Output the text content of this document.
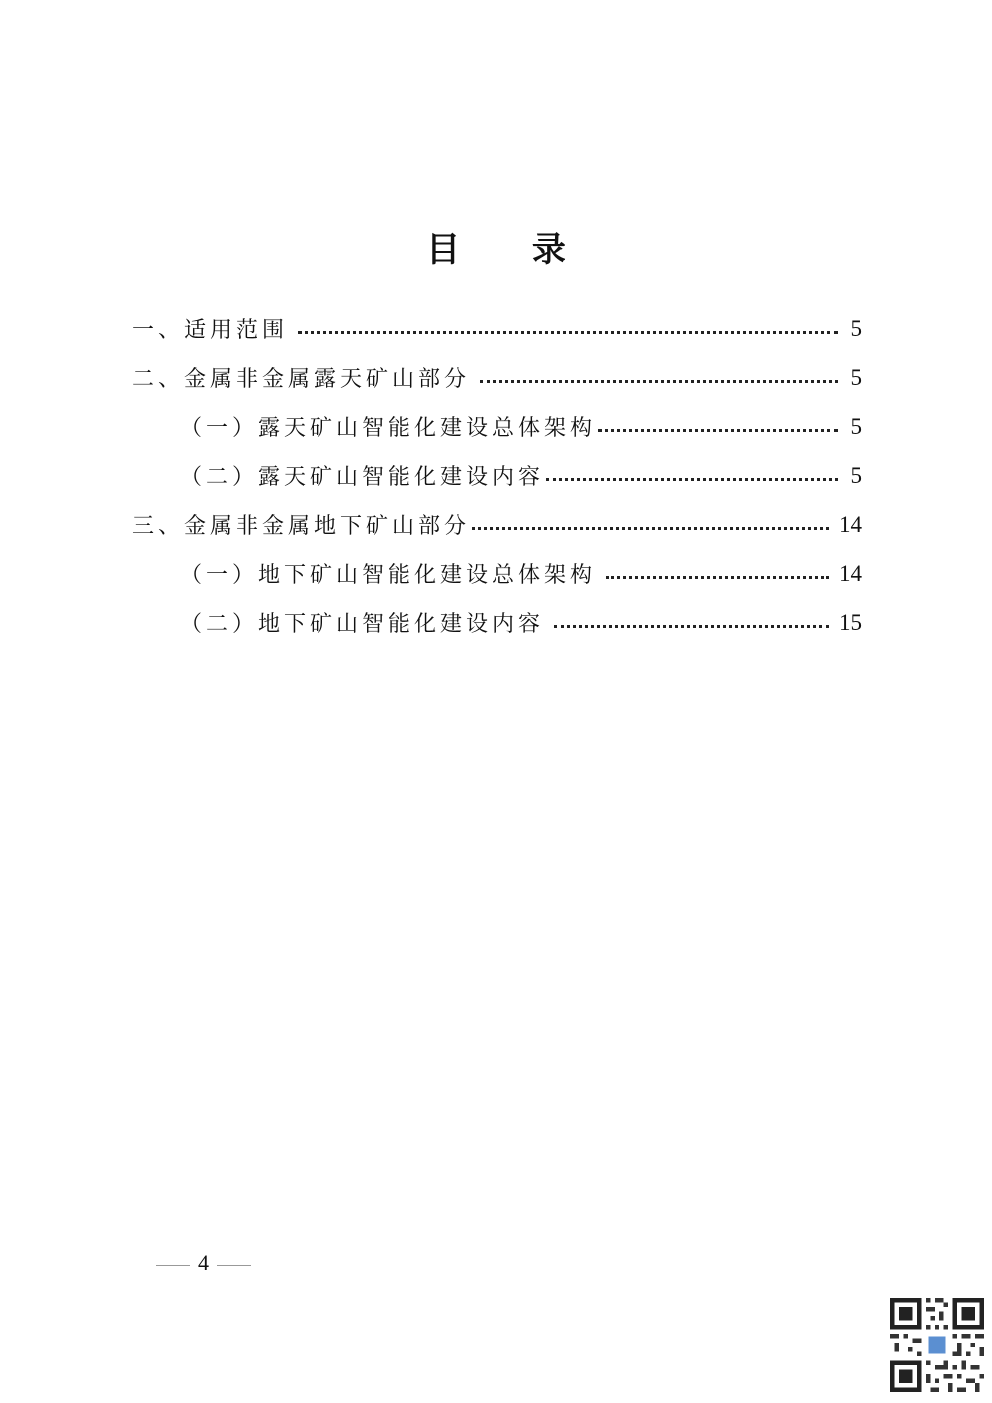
目 录
一、适用范围	5
二、金属非金属露天矿山部分	5
（一）露天矿山智能化建设总体架构	5
（二）露天矿山智能化建设内容	5
三、金属非金属地下矿山部分	14
（一）地下矿山智能化建设总体架构	14
（二）地下矿山智能化建设内容	15
4
